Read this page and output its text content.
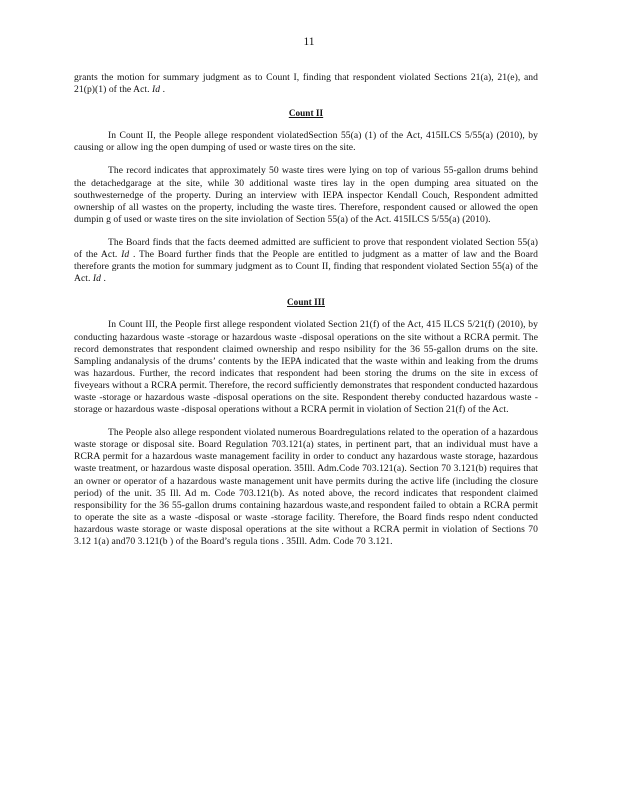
11

grants the motion for summary judgment as to Count I, finding that respondent violated Sections 21(a), 21(e), and 21(p)(1) of the Act. Id .

Count II

In Count II, the People allege respondent violatedSection 55(a) (1) of the Act, 415ILCS 5/55(a) (2010), by causing or allow ing the open dumping of used or waste tires on the site.

The record indicates that approximately 50 waste tires were lying on top of various 55-gallon drums behind the detachedgarage at the site, while 30 additional waste tires lay in the open dumping area situated on the southwesternedge of the property. During an interview with IEPA inspector Kendall Couch, Respondent admitted ownership of all wastes on the property, including the waste tires. Therefore, respondent caused or allowed the open dumpin g of used or waste tires on the site inviolation of Section 55(a) of the Act. 415ILCS 5/55(a) (2010).

The Board finds that the facts deemed admitted are sufficient to prove that respondent violated Section 55(a) of the Act. Id . The Board further finds that the People are entitled to judgment as a matter of law and the Board therefore grants the motion for summary judgment as to Count II, finding that respondent violated Section 55(a) of the Act. Id .

Count III

In Count III, the People first allege respondent violated Section 21(f) of the Act, 415 ILCS 5/21(f) (2010), by conducting hazardous waste -storage or hazardous waste -disposal operations on the site without a RCRA permit. The record demonstrates that respondent claimed ownership and respo nsibility for the 36 55-gallon drums on the site. Sampling andanalysis of the drums’ contents by the IEPA indicated that the waste within and leaking from the drums was hazardous. Further, the record indicates that respondent had been storing the drums on the site in excess of fiveyears without a RCRA permit. Therefore, the record sufficiently demonstrates that respondent conducted hazardous waste -storage or hazardous waste -disposal operations on the site. Respondent thereby conducted hazardous waste -storage or hazardous waste -disposal operations without a RCRA permit in violation of Section 21(f) of the Act.

The People also allege respondent violated numerous Boardregulations related to the operation of a hazardous waste storage or disposal site. Board Regulation 703.121(a) states, in pertinent part, that an individual must have a RCRA permit for a hazardous waste management facility in order to conduct any hazardous waste storage, hazardous waste treatment, or hazardous waste disposal operation. 35Ill. Adm.Code 703.121(a). Section 70 3.121(b) requires that an owner or operator of a hazardous waste management unit have permits during the active life (including the closure period) of the unit. 35 Ill. Ad m. Code 703.121(b). As noted above, the record indicates that respondent claimed responsibility for the 36 55-gallon drums containing hazardous waste,and respondent failed to obtain a RCRA permit to operate the site as a waste -disposal or waste -storage facility. Therefore, the Board finds respo ndent conducted hazardous waste storage or waste disposal operations at the site without a RCRA permit in violation of Sections 70 3.12 1(a) and70 3.121(b ) of the Board’s regula tions . 35Ill. Adm. Code 70 3.121.
